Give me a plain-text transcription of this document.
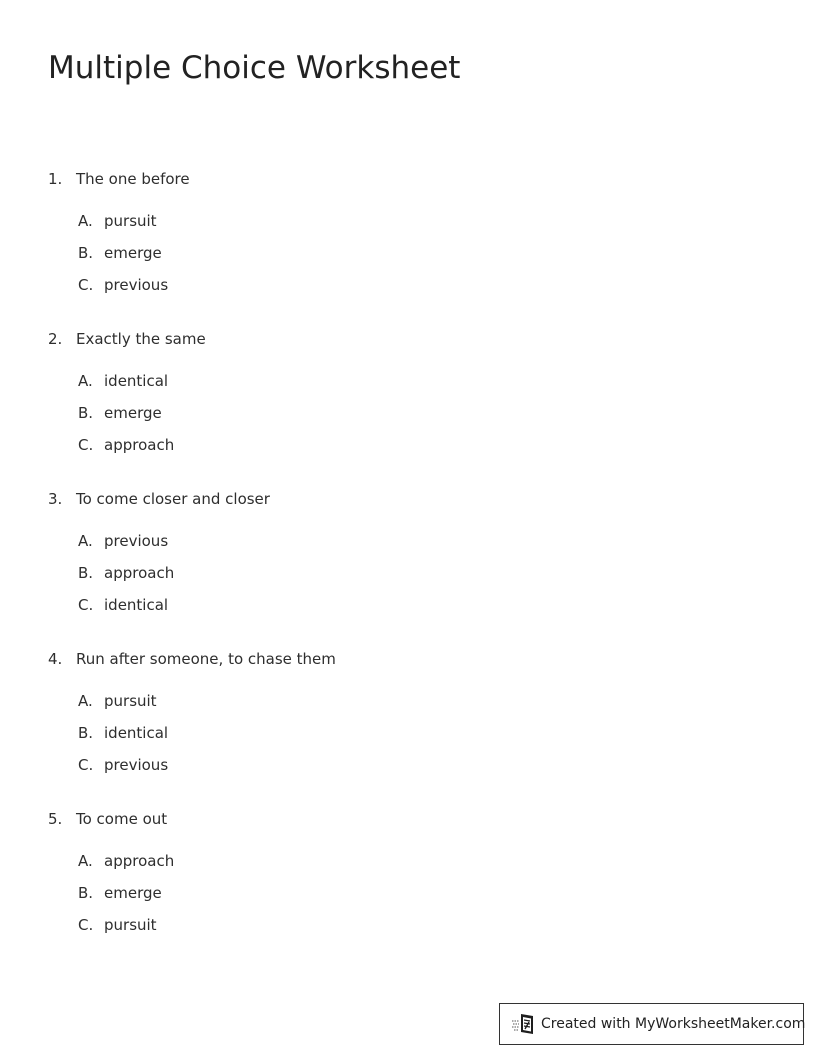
Multiple Choice Worksheet
1. The one before
A. pursuit
B. emerge
C. previous
2. Exactly the same
A. identical
B. emerge
C. approach
3. To come closer and closer
A. previous
B. approach
C. identical
4. Run after someone, to chase them
A. pursuit
B. identical
C. previous
5. To come out
A. approach
B. emerge
C. pursuit
Created with MyWorksheetMaker.com
